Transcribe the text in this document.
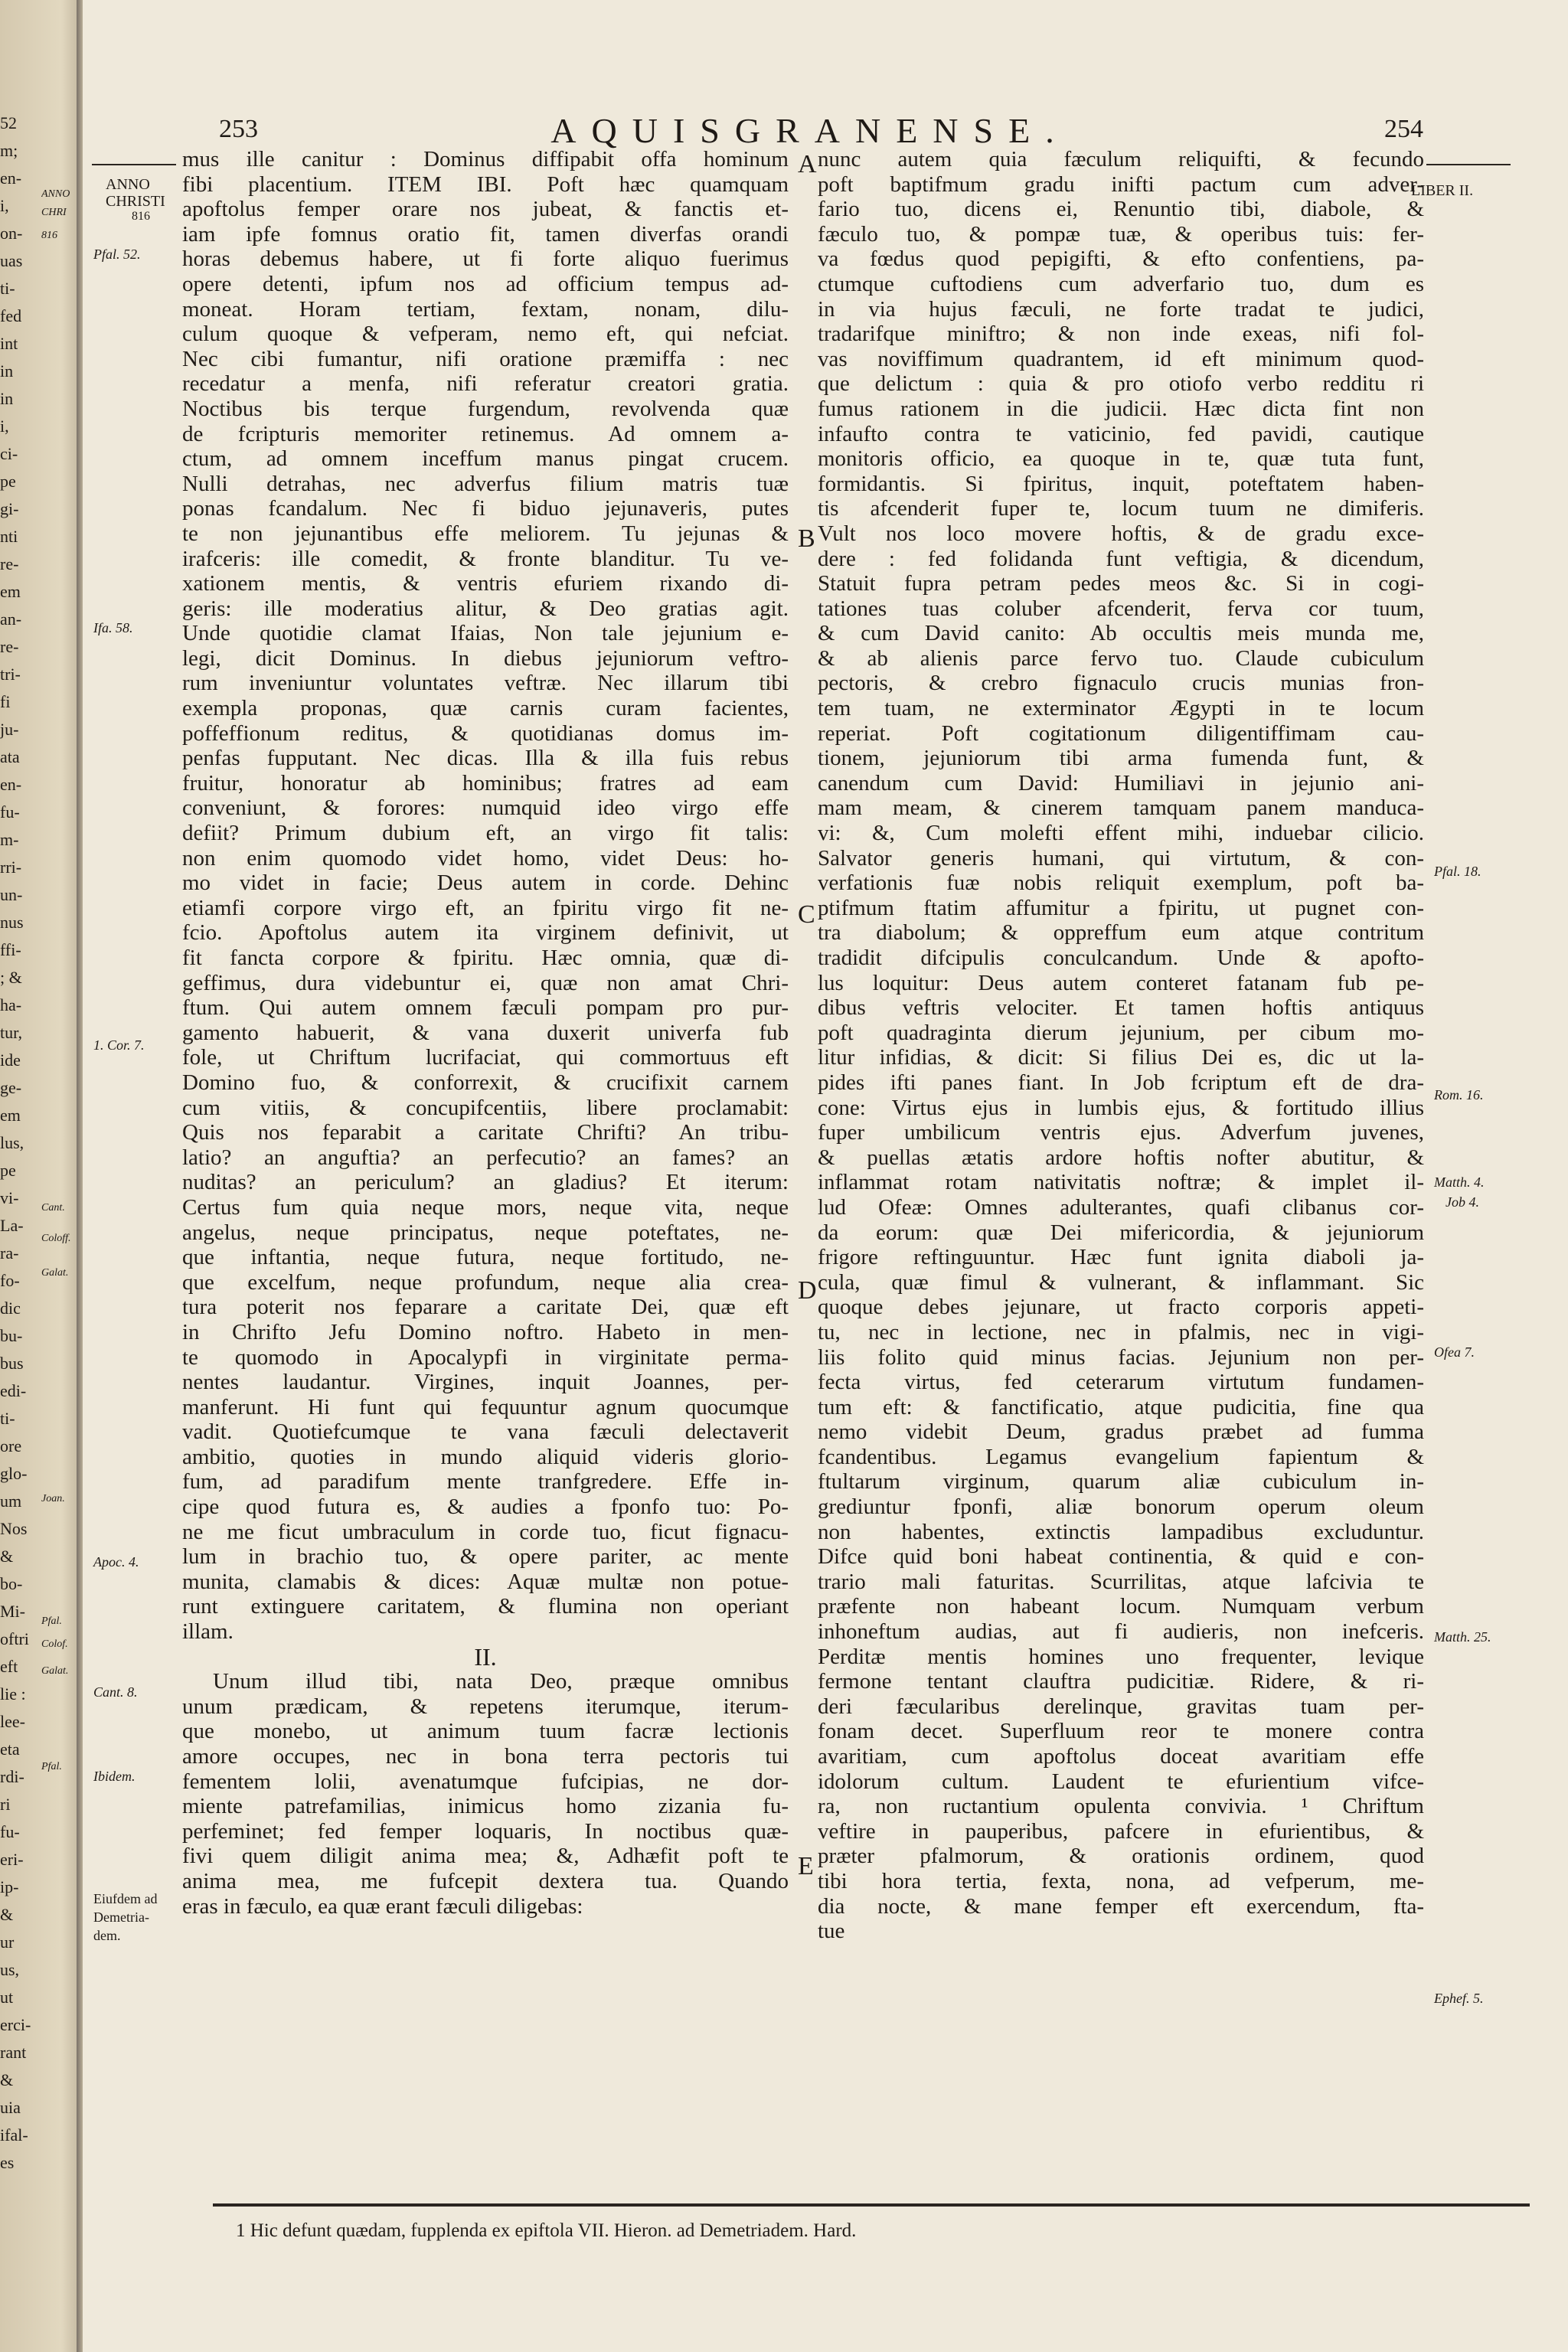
52
m;
en-
i,
on-
uas
ti-
fed
int
in
in
i,
ci-
pe
gi-
nti
re-
em
an-
re-
tri-
fi
ju-
ata
en-
fu-
m-
rri-
un-
nus
ffi-
; &
ha-
tur,
ide
ge-
em
lus,
pe
vi-
La-
ra-
fo-
dic
bu-
bus
edi-
ti-
ore
glo-
um
Nos
&
bo-
Mi-
oftri
eft
lie :
lee-
eta
rdi-
ri
fu-
eri-
ip-
&
ur
us,
ut
erci-
rant
&
uia
ifal-
es
ANNO
CHRI
816
Cant.
Coloff.
Galat.
Joan.
Pfal.
Colof.
Galat.
Pfal.
253	AQUISGRANENSE.	254
ANNO
CHRISTI
816
Pfal. 52.
Ifa. 58.
1. Cor. 7.
Apoc. 4.
Cant. 8.
Ibidem.
Eiufdem ad
Demetria-
dem.
LIBER II.
Pfal. 18.
Rom. 16.
Matth. 4.
Job 4.
Ofea 7.
Matth. 25.
Ephef. 5.
A
B
C
D
E
mus ille canitur : Dominus diffipabit offa hominum
fibi placentium. ITEM IBI. Poft hæc quamquam
apoftolus femper orare nos jubeat, & fanctis et-
iam ipfe fomnus oratio fit, tamen diverfas orandi
horas debemus habere, ut fi forte aliquo fuerimus
opere detenti, ipfum nos ad officium tempus ad-
moneat. Horam tertiam, fextam, nonam, dilu-
culum quoque & vefperam, nemo eft, qui nefciat.
Nec cibi fumantur, nifi oratione præmiffa : nec
recedatur a menfa, nifi referatur creatori gratia.
Noctibus bis terque furgendum, revolvenda quæ
de fcripturis memoriter retinemus. Ad omnem a-
ctum, ad omnem inceffum manus pingat crucem.
Nulli detrahas, nec adverfus filium matris tuæ
ponas fcandalum. Nec fi biduo jejunaveris, putes
te non jejunantibus effe meliorem. Tu jejunas &
irafceris: ille comedit, & fronte blanditur. Tu ve-
xationem mentis, & ventris efuriem rixando di-
geris: ille moderatius alitur, & Deo gratias agit.
Unde quotidie clamat Ifaias, Non tale jejunium e-
legi, dicit Dominus. In diebus jejuniorum veftro-
rum inveniuntur voluntates veftræ. Nec illarum tibi
exempla proponas, quæ carnis curam facientes,
poffeffionum reditus, & quotidianas domus im-
penfas fupputant. Nec dicas. Illa & illa fuis rebus
fruitur, honoratur ab hominibus; fratres ad eam
conveniunt, & forores: numquid ideo virgo effe
defiit? Primum dubium eft, an virgo fit talis:
non enim quomodo videt homo, videt Deus: ho-
mo videt in facie; Deus autem in corde. Dehinc
etiamfi corpore virgo eft, an fpiritu virgo fit ne-
fcio. Apoftolus autem ita virginem definivit, ut
fit fancta corpore & fpiritu. Hæc omnia, quæ di-
geffimus, dura videbuntur ei, quæ non amat Chri-
ftum. Qui autem omnem fæculi pompam pro pur-
gamento habuerit, & vana duxerit univerfa fub
fole, ut Chriftum lucrifaciat, qui commortuus eft
Domino fuo, & conforrexit, & crucifixit carnem
cum vitiis, & concupifcentiis, libere proclamabit:
Quis nos feparabit a caritate Chrifti? An tribu-
latio? an anguftia? an perfecutio? an fames? an
nuditas? an periculum? an gladius? Et iterum:
Certus fum quia neque mors, neque vita, neque
angelus, neque principatus, neque poteftates, ne-
que inftantia, neque futura, neque fortitudo, ne-
que excelfum, neque profundum, neque alia crea-
tura poterit nos feparare a caritate Dei, quæ eft
in Chrifto Jefu Domino noftro. Habeto in men-
te quomodo in Apocalypfi in virginitate perma-
nentes laudantur. Virgines, inquit Joannes, per-
manferunt. Hi funt qui fequuntur agnum quocumque
vadit. Quotiefcumque te vana fæculi delectaverit
ambitio, quoties in mundo aliquid videris glorio-
fum, ad paradifum mente tranfgredere. Effe in-
cipe quod futura es, & audies a fponfo tuo: Po-
ne me ficut umbraculum in corde tuo, ficut fignacu-
lum in brachio tuo, & opere pariter, ac mente
munita, clamabis & dices: Aquæ multæ non potue-
runt extinguere caritatem, & flumina non operiant
illam.
II.
Unum illud tibi, nata Deo, præque omnibus
unum prædicam, & repetens iterumque, iterum-
que monebo, ut animum tuum facræ lectionis
amore occupes, nec in bona terra pectoris tui
fementem lolii, avenatumque fufcipias, ne dor-
miente patrefamilias, inimicus homo zizania fu-
perfeminet; fed femper loquaris, In noctibus quæ-
fivi quem diligit anima mea; &, Adhæfit poft te
anima mea, me fufcepit dextera tua. Quando
eras in fæculo, ea quæ erant fæculi diligebas:
nunc autem quia fæculum reliquifti, & fecundo
poft baptifmum gradu inifti pactum cum adver-
fario tuo, dicens ei, Renuntio tibi, diabole, &
fæculo tuo, & pompæ tuæ, & operibus tuis: fer-
va fœdus quod pepigifti, & efto confentiens, pa-
ctumque cuftodiens cum adverfario tuo, dum es
in via hujus fæculi, ne forte tradat te judici,
tradarifque miniftro; & non inde exeas, nifi fol-
vas noviffimum quadrantem, id eft minimum quod-
que delictum : quia & pro otiofo verbo redditu ri
fumus rationem in die judicii. Hæc dicta fint non
infaufto contra te vaticinio, fed pavidi, cautique
monitoris officio, ea quoque in te, quæ tuta funt,
formidantis. Si fpiritus, inquit, poteftatem haben-
tis afcenderit fuper te, locum tuum ne dimiferis.
Vult nos loco movere hoftis, & de gradu exce-
dere : fed folidanda funt veftigia, & dicendum,
Statuit fupra petram pedes meos &c. Si in cogi-
tationes tuas coluber afcenderit, ferva cor tuum,
& cum David canito: Ab occultis meis munda me,
& ab alienis parce fervo tuo. Claude cubiculum
pectoris, & crebro fignaculo crucis munias fron-
tem tuam, ne exterminator Ægypti in te locum
reperiat. Poft cogitationum diligentiffimam cau-
tionem, jejuniorum tibi arma fumenda funt, &
canendum cum David: Humiliavi in jejunio ani-
mam meam, & cinerem tamquam panem manduca-
vi: &, Cum molefti effent mihi, induebar cilicio.
Salvator generis humani, qui virtutum, & con-
verfationis fuæ nobis reliquit exemplum, poft ba-
ptifmum ftatim affumitur a fpiritu, ut pugnet con-
tra diabolum; & oppreffum eum atque contritum
tradidit difcipulis conculcandum. Unde & apofto-
lus loquitur: Deus autem conteret fatanam fub pe-
dibus veftris velociter. Et tamen hoftis antiquus
poft quadraginta dierum jejunium, per cibum mo-
litur infidias, & dicit: Si filius Dei es, dic ut la-
pides ifti panes fiant. In Job fcriptum eft de dra-
cone: Virtus ejus in lumbis ejus, & fortitudo illius
fuper umbilicum ventris ejus. Adverfum juvenes,
& puellas ætatis ardore hoftis nofter abutitur, &
inflammat rotam nativitatis noftræ; & implet il-
lud Ofeæ: Omnes adulterantes, quafi clibanus cor-
da eorum: quæ Dei mifericordia, & jejuniorum
frigore reftinguuntur. Hæc funt ignita diaboli ja-
cula, quæ fimul & vulnerant, & inflammant. Sic
quoque debes jejunare, ut fracto corporis appeti-
tu, nec in lectione, nec in pfalmis, nec in vigi-
liis folito quid minus facias. Jejunium non per-
fecta virtus, fed ceterarum virtutum fundamen-
tum eft: & fanctificatio, atque pudicitia, fine qua
nemo videbit Deum, gradus præbet ad fumma
fcandentibus. Legamus evangelium fapientum &
ftultarum virginum, quarum aliæ cubiculum in-
grediuntur fponfi, aliæ bonorum operum oleum
non habentes, extinctis lampadibus excluduntur.
Difce quid boni habeat continentia, & quid e con-
trario mali faturitas. Scurrilitas, atque lafcivia te
præfente non habeant locum. Numquam verbum
inhoneftum audias, aut fi audieris, non inefceris.
Perditæ mentis homines uno frequenter, levique
fermone tentant clauftra pudicitiæ. Ridere, & ri-
deri fæcularibus derelinque, gravitas tuam per-
fonam decet. Superfluum reor te monere contra
avaritiam, cum apoftolus doceat avaritiam effe
idolorum cultum. Laudent te efurientium vifce-
ra, non ructantium opulenta convivia. ¹ Chriftum
veftire in pauperibus, pafcere in efurientibus, &
præter pfalmorum, & orationis ordinem, quod
tibi hora tertia, fexta, nona, ad vefperum, me-
dia nocte, & mane femper eft exercendum, fta-
tue
1 Hic defunt quædam, fupplenda ex epiftola VII. Hieron. ad Demetriadem. Hard.
